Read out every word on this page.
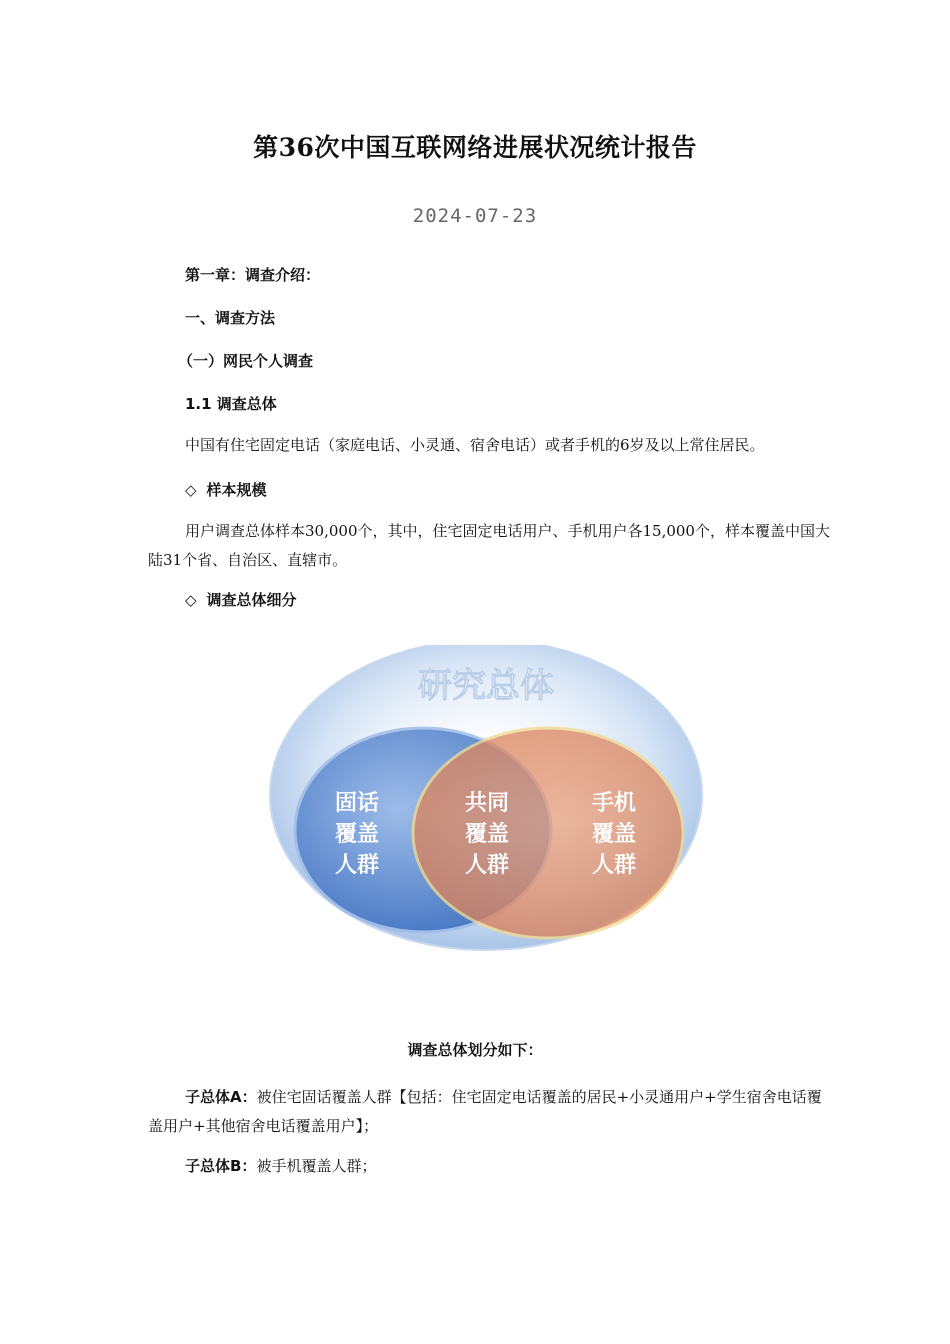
第36次中国互联网络进展状况统计报告
2024-07-23
第一章：调查介绍：
一、调查方法
（一）网民个人调查
1.1 调查总体
中国有住宅固定电话（家庭电话、小灵通、宿舍电话）或者手机的6岁及以上常住居民。
◇ 样本规模
用户调查总体样本30,000个，其中，住宅固定电话用户、手机用户各15,000个，样本覆盖中国大陆31个省、自治区、直辖市。
◇ 调查总体细分
研究总体
固话
覆盖
人群
共同
覆盖
人群
手机
覆盖
人群
调查总体划分如下：
子总体A：被住宅固话覆盖人群【包括：住宅固定电话覆盖的居民+小灵通用户+学生宿舍电话覆盖用户+其他宿舍电话覆盖用户】；
子总体B：被手机覆盖人群；
